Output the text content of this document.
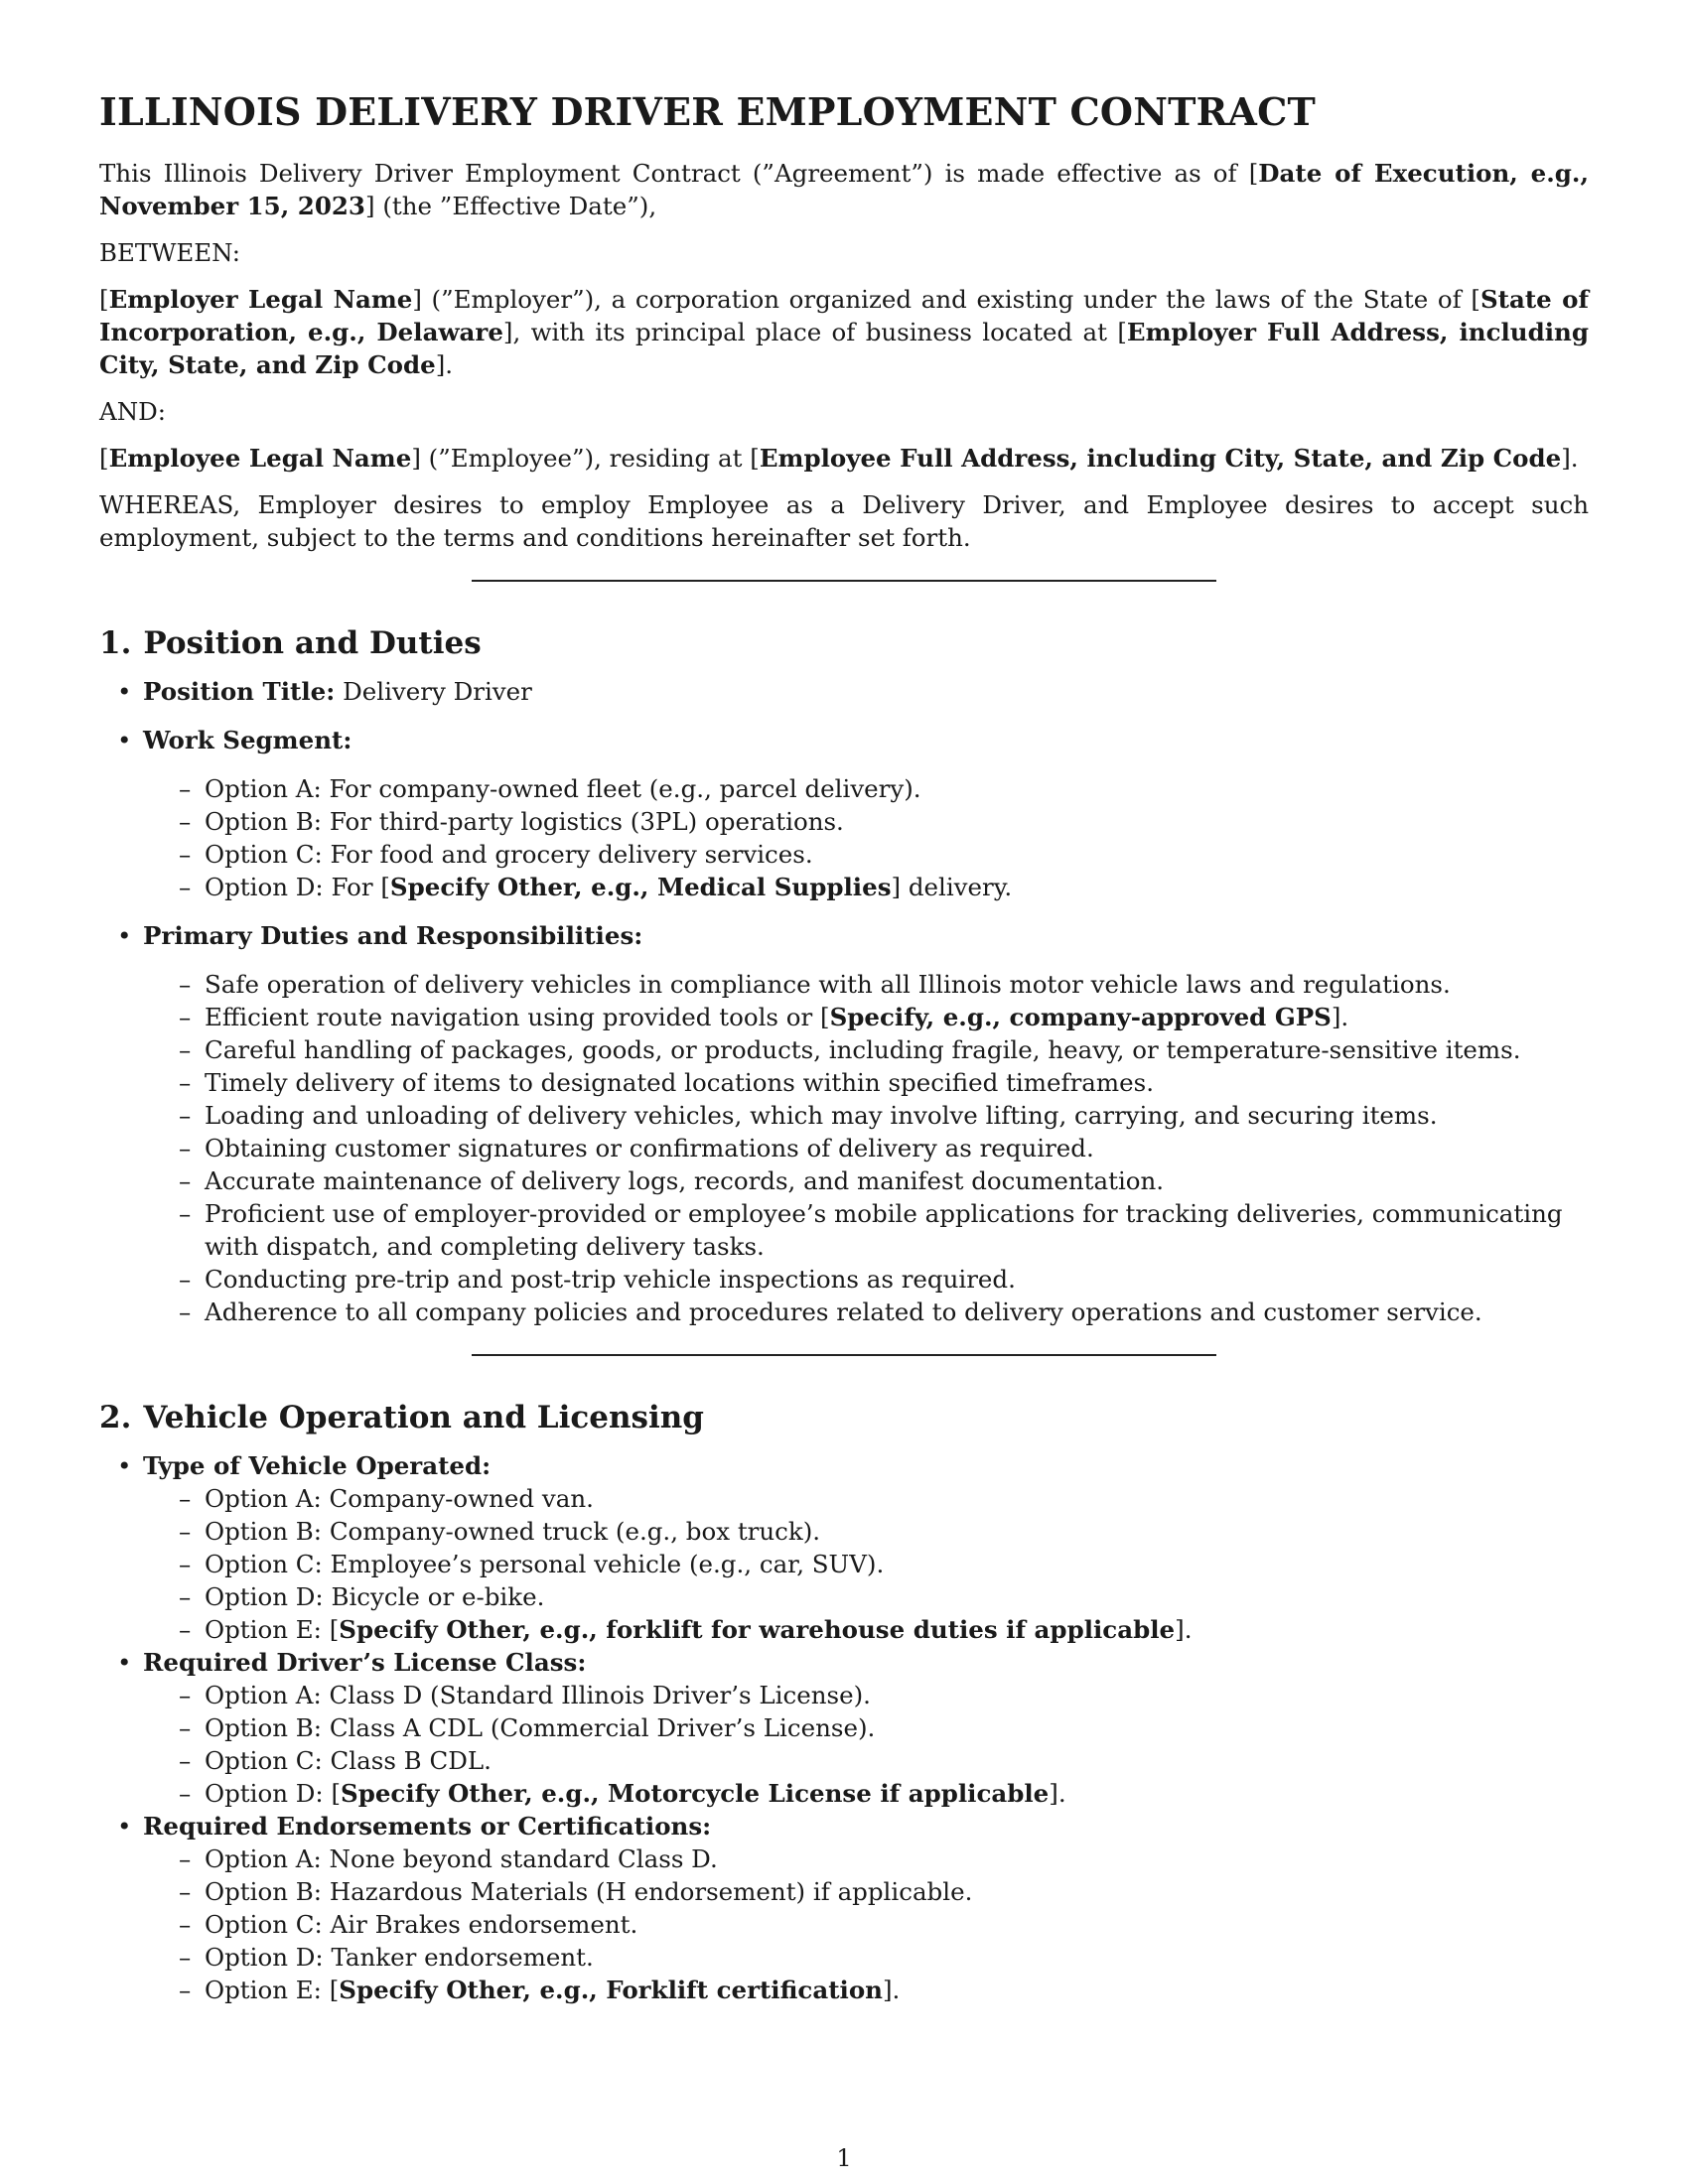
ILLINOIS DELIVERY DRIVER EMPLOYMENT CONTRACT

This Illinois Delivery Driver Employment Contract (”Agreement”) is made effective as of [Date of Execution, e.g., November 15, 2023] (the ”Effective Date”),

BETWEEN:

[Employer Legal Name] (”Employer”), a corporation organized and existing under the laws of the State of [State of Incorporation, e.g., Delaware], with its principal place of business located at [Employer Full Address, including City, State, and Zip Code].

AND:

[Employee Legal Name] (”Employee”), residing at [Employee Full Address, including City, State, and Zip Code].

WHEREAS, Employer desires to employ Employee as a Delivery Driver, and Employee desires to accept such employment, subject to the terms and conditions hereinafter set forth.

1. Position and Duties
• Position Title: Delivery Driver
• Work Segment:
– Option A: For company-owned fleet (e.g., parcel delivery).
– Option B: For third-party logistics (3PL) operations.
– Option C: For food and grocery delivery services.
– Option D: For [Specify Other, e.g., Medical Supplies] delivery.
• Primary Duties and Responsibilities:
– Safe operation of delivery vehicles in compliance with all Illinois motor vehicle laws and regulations.
– Efficient route navigation using provided tools or [Specify, e.g., company-approved GPS].
– Careful handling of packages, goods, or products, including fragile, heavy, or temperature-sensitive items.
– Timely delivery of items to designated locations within specified timeframes.
– Loading and unloading of delivery vehicles, which may involve lifting, carrying, and securing items.
– Obtaining customer signatures or confirmations of delivery as required.
– Accurate maintenance of delivery logs, records, and manifest documentation.
– Proficient use of employer-provided or employee’s mobile applications for tracking deliveries, communicating with dispatch, and completing delivery tasks.
– Conducting pre-trip and post-trip vehicle inspections as required.
– Adherence to all company policies and procedures related to delivery operations and customer service.
2. Vehicle Operation and Licensing
• Type of Vehicle Operated:
– Option A: Company-owned van.
– Option B: Company-owned truck (e.g., box truck).
– Option C: Employee’s personal vehicle (e.g., car, SUV).
– Option D: Bicycle or e-bike.
– Option E: [Specify Other, e.g., forklift for warehouse duties if applicable].
• Required Driver’s License Class:
– Option A: Class D (Standard Illinois Driver’s License).
– Option B: Class A CDL (Commercial Driver’s License).
– Option C: Class B CDL.
– Option D: [Specify Other, e.g., Motorcycle License if applicable].
• Required Endorsements or Certifications:
– Option A: None beyond standard Class D.
– Option B: Hazardous Materials (H endorsement) if applicable.
– Option C: Air Brakes endorsement.
– Option D: Tanker endorsement.
– Option E: [Specify Other, e.g., Forklift certification].
1
